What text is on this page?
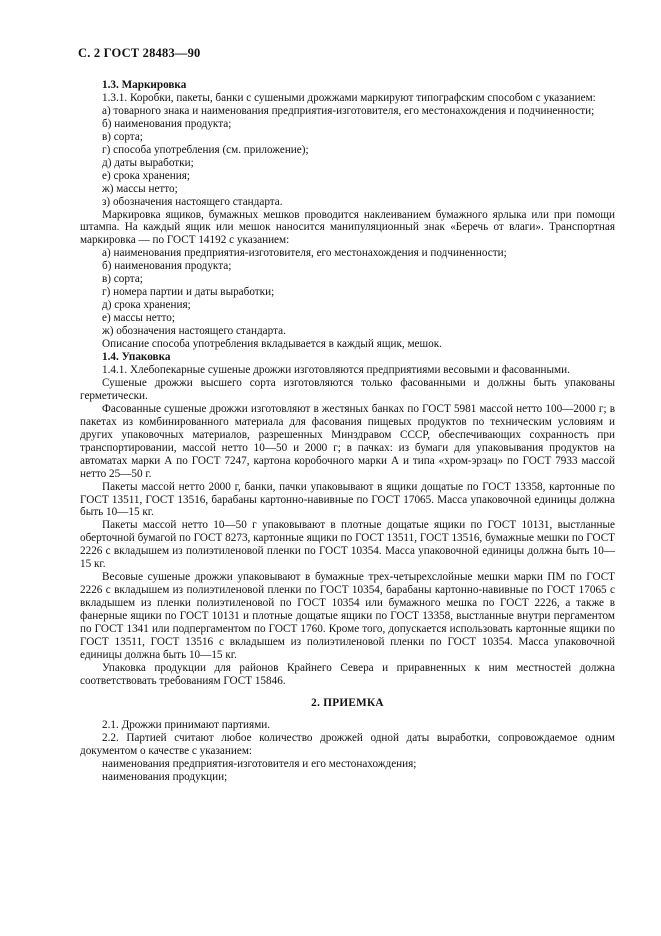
С. 2 ГОСТ 28483—90

1.3. Маркировка

1.3.1. Коробки, пакеты, банки с сушеными дрожжами маркируют типографским способом с указанием:

а) товарного знака и наименования предприятия-изготовителя, его местонахождения и подчиненности;

б) наименования продукта;

в) сорта;

г) способа употребления (см. приложение);

д) даты выработки;

е) срока хранения;

ж) массы нетто;

з) обозначения настоящего стандарта.

Маркировка ящиков, бумажных мешков проводится наклеиванием бумажного ярлыка или при помощи штампа. На каждый ящик или мешок наносится манипуляционный знак «Беречь от влаги». Транспортная маркировка — по ГОСТ 14192 с указанием:

а) наименования предприятия-изготовителя, его местонахождения и подчиненности;

б) наименования продукта;

в) сорта;

г) номера партии и даты выработки;

д) срока хранения;

е) массы нетто;

ж) обозначения настоящего стандарта.

Описание способа употребления вкладывается в каждый ящик, мешок.

1.4. Упаковка

1.4.1. Хлебопекарные сушеные дрожжи изготовляются предприятиями весовыми и фасованными.

Сушеные дрожжи высшего сорта изготовляются только фасованными и должны быть упакованы герметически.

Фасованные сушеные дрожжи изготовляют в жестяных банках по ГОСТ 5981 массой нетто 100—2000 г; в пакетах из комбинированного материала для фасования пищевых продуктов по техническим условиям и других упаковочных материалов, разрешенных Минздравом СССР, обеспечивающих сохранность при транспортировании, массой нетто 10—50 и 2000 г; в пачках: из бумаги для упаковывания продуктов на автоматах марки А по ГОСТ 7247, картона коробочного марки А и типа «хром-эрзац» по ГОСТ 7933 массой нетто 25—50 г.

Пакеты массой нетто 2000 г, банки, пачки упаковывают в ящики дощатые по ГОСТ 13358, картонные по ГОСТ 13511, ГОСТ 13516, барабаны картонно-навивные по ГОСТ 17065. Масса упаковочной единицы должна быть 10—15 кг.

Пакеты массой нетто 10—50 г упаковывают в плотные дощатые ящики по ГОСТ 10131, выстланные оберточной бумагой по ГОСТ 8273, картонные ящики по ГОСТ 13511, ГОСТ 13516, бумажные мешки по ГОСТ 2226 с вкладышем из полиэтиленовой пленки по ГОСТ 10354. Масса упаковочной единицы должна быть 10—15 кг.

Весовые сушеные дрожжи упаковывают в бумажные трех-четырехслойные мешки марки ПМ по ГОСТ 2226 с вкладышем из полиэтиленовой пленки по ГОСТ 10354, барабаны картонно-навивные по ГОСТ 17065 с вкладышем из пленки полиэтиленовой по ГОСТ 10354 или бумажного мешка по ГОСТ 2226, а также в фанерные ящики по ГОСТ 10131 и плотные дощатые ящики по ГОСТ 13358, выстланные внутри пергаментом по ГОСТ 1341 или подпергаментом по ГОСТ 1760. Кроме того, допускается использовать картонные ящики по ГОСТ 13511, ГОСТ 13516 с вкладышем из полиэтиленовой пленки по ГОСТ 10354. Масса упаковочной единицы должна быть 10—15 кг.

Упаковка продукции для районов Крайнего Севера и приравненных к ним местностей должна соответствовать требованиям ГОСТ 15846.

2. ПРИЕМКА

2.1. Дрожжи принимают партиями.

2.2. Партией считают любое количество дрожжей одной даты выработки, сопровождаемое одним документом о качестве с указанием:

наименования предприятия-изготовителя и его местонахождения;

наименования продукции;
